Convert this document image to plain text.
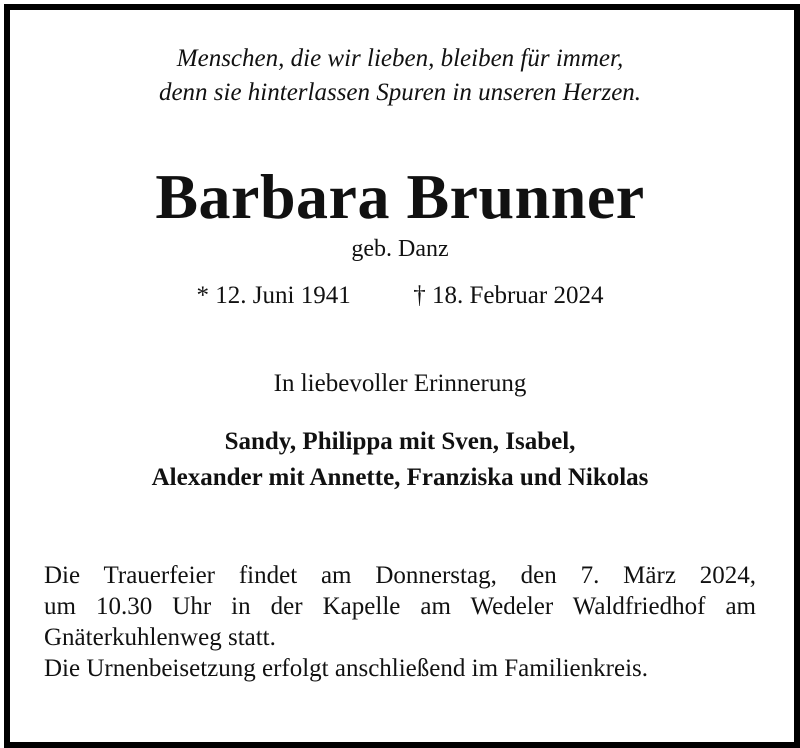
Menschen, die wir lieben, bleiben für immer,
denn sie hinterlassen Spuren in unseren Herzen.
Barbara Brunner
geb. Danz
* 12. Juni 1941	† 18. Februar 2024
In liebevoller Erinnerung
Sandy, Philippa mit Sven, Isabel,
Alexander mit Annette, Franziska und Nikolas
Die Trauerfeier findet am Donnerstag, den 7. März 2024,
um 10.30 Uhr in der Kapelle am Wedeler Waldfriedhof am
Gnäterkuhlenweg statt.
Die Urnenbeisetzung erfolgt anschließend im Familienkreis.
